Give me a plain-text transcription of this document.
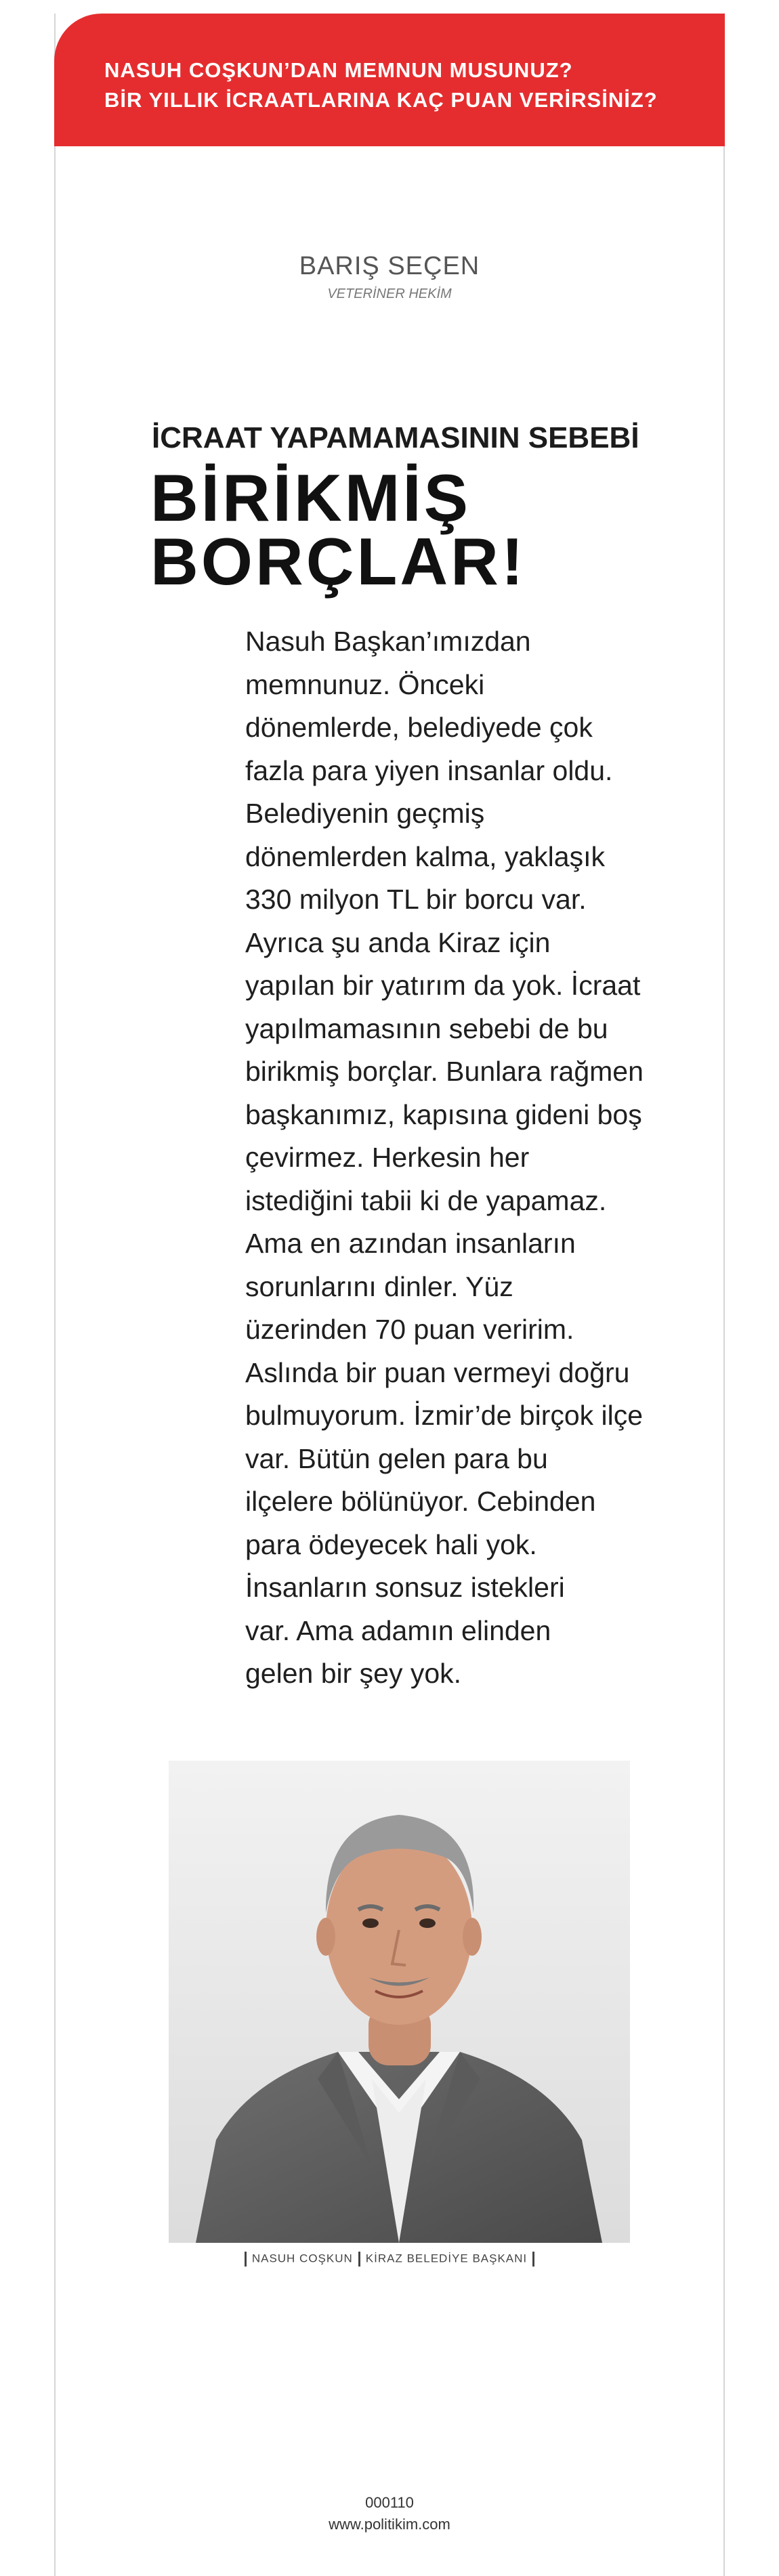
NASUH COŞKUN’DAN MEMNUN MUSUNUZ?
BİR YILLIK İCRAATLARINA KAÇ PUAN VERİRSİNİZ?
BARIŞ SEÇEN
VETERİNER HEKİM
İCRAAT YAPAMAMASININ SEBEBİ
BİRİKMİŞ
BORÇLAR!
Nasuh Başkan’ımızdan
memnunuz. Önceki
dönemlerde, belediyede çok
fazla para yiyen insanlar oldu.
Belediyenin geçmiş
dönemlerden kalma, yaklaşık
330 milyon TL bir borcu var.
Ayrıca şu anda Kiraz için
yapılan bir yatırım da yok. İcraat
yapılmamasının sebebi de bu
birikmiş borçlar. Bunlara rağmen
başkanımız, kapısına gideni boş
çevirmez. Herkesin her
istediğini tabii ki de yapamaz.
Ama en azından insanların
sorunlarını dinler. Yüz
üzerinden 70 puan veririm.
Aslında bir puan vermeyi doğru
bulmuyorum. İzmir’de birçok ilçe
var. Bütün gelen para bu
ilçelere bölünüyor. Cebinden
para ödeyecek hali yok.
İnsanların sonsuz istekleri
var. Ama adamın elinden
gelen bir şey yok.
NASUH COŞKUN KİRAZ BELEDİYE BAŞKANI
000110
www.politikim.com
